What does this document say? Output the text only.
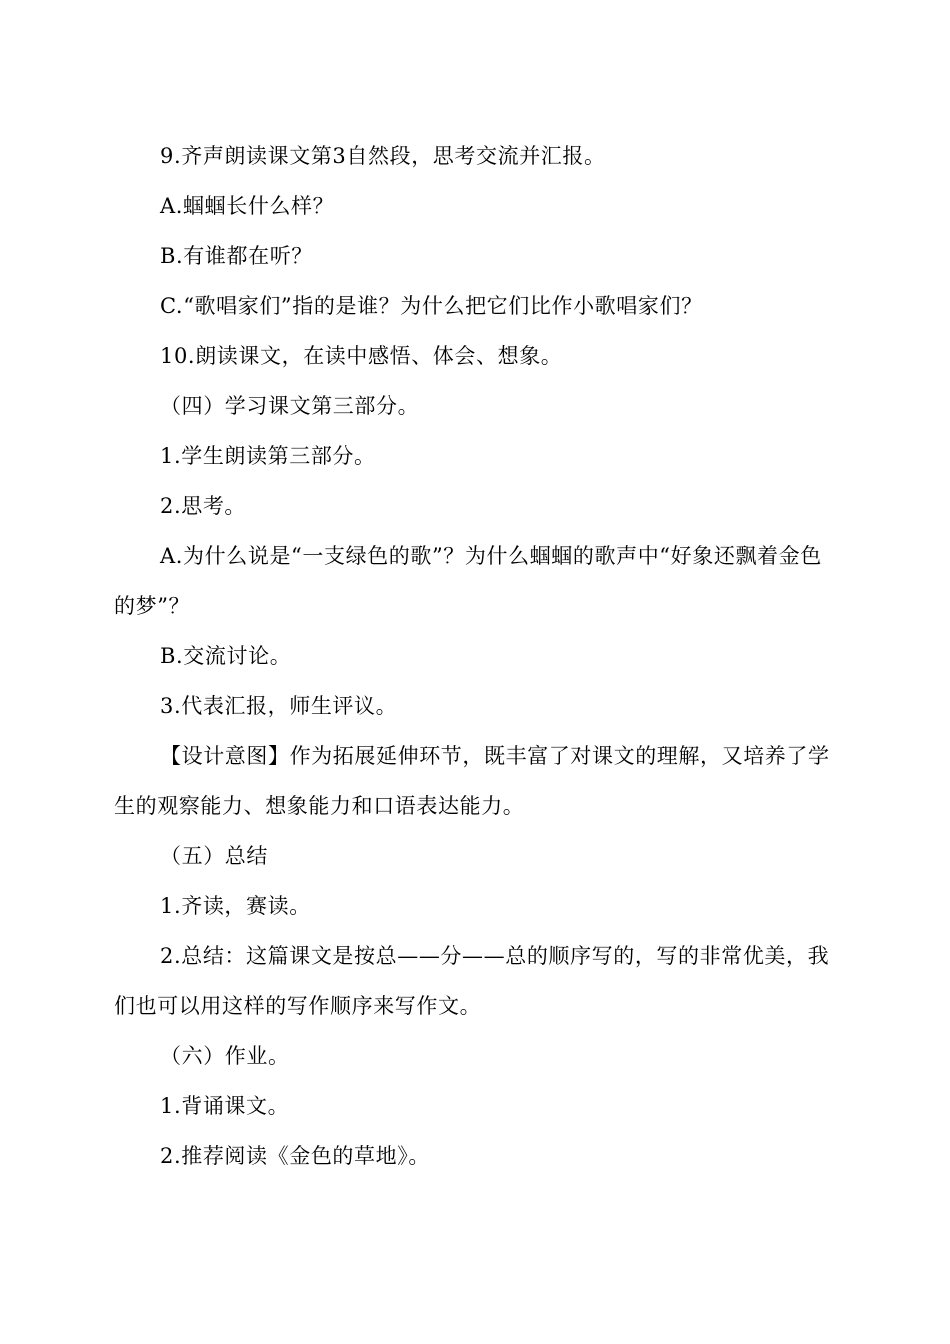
9.齐声朗读课文第3自然段，思考交流并汇报。

A.蝈蝈长什么样？

B.有谁都在听？

C.“歌唱家们”指的是谁？为什么把它们比作小歌唱家们？

10.朗读课文，在读中感悟、体会、想象。

（四）学习课文第三部分。

1.学生朗读第三部分。

2.思考。

A.为什么说是“一支绿色的歌”？为什么蝈蝈的歌声中“好象还飘着金色的梦”？

B.交流讨论。

3.代表汇报，师生评议。

【设计意图】作为拓展延伸环节，既丰富了对课文的理解，又培养了学生的观察能力、想象能力和口语表达能力。

（五）总结

1.齐读，赛读。

2.总结：这篇课文是按总——分——总的顺序写的，写的非常优美，我们也可以用这样的写作顺序来写作文。

（六）作业。

1.背诵课文。

2.推荐阅读《金色的草地》。
